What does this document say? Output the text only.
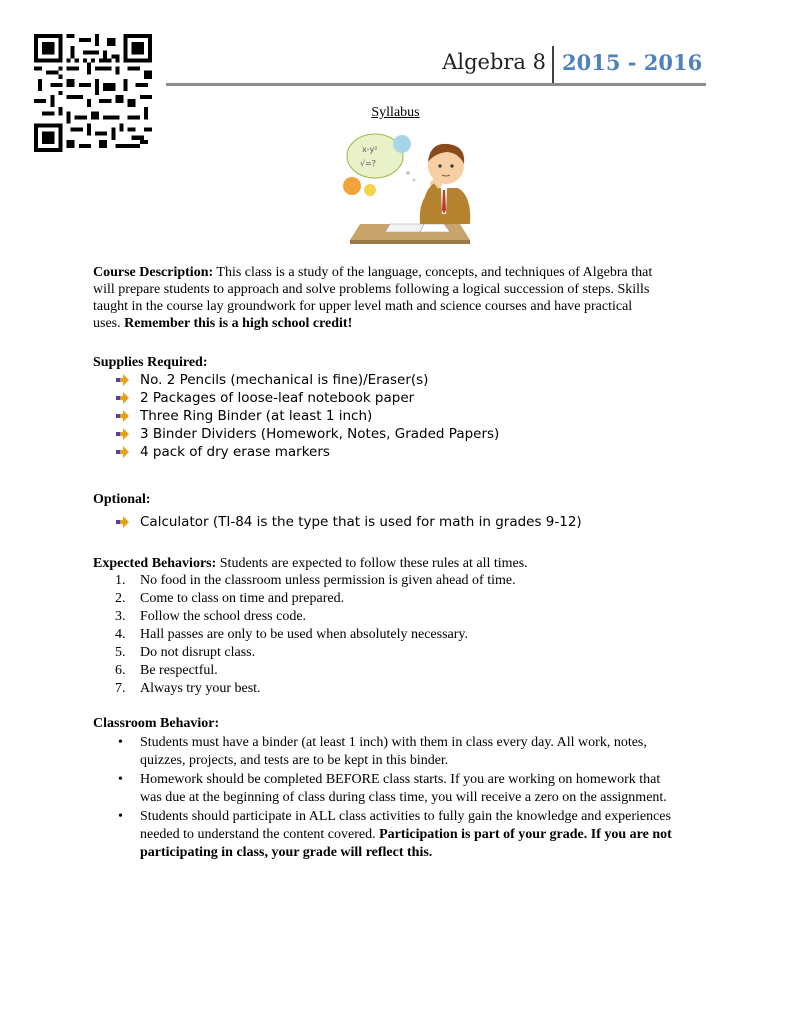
Algebra 8 2015 - 2016
Syllabus
x-y²
√=?
Course Description: This class is a study of the language, concepts, and techniques of Algebra that will prepare students to approach and solve problems following a logical succession of steps. Skills taught in the course lay groundwork for upper level math and science courses and have practical uses. Remember this is a high school credit!
Supplies Required:
No. 2 Pencils (mechanical is fine)/Eraser(s)
2 Packages of loose-leaf notebook paper
Three Ring Binder (at least 1 inch)
3 Binder Dividers (Homework, Notes, Graded Papers)
4 pack of dry erase markers
Optional:
Calculator (TI-84 is the type that is used for math in grades 9-12)
Expected Behaviors: Students are expected to follow these rules at all times.
1.	No food in the classroom unless permission is given ahead of time.
2.	Come to class on time and prepared.
3.	Follow the school dress code.
4.	Hall passes are only to be used when absolutely necessary.
5.	Do not disrupt class.
6.	Be respectful.
7.	Always try your best.
Classroom Behavior:
• Students must have a binder (at least 1 inch) with them in class every day. All work, notes, quizzes, projects, and tests are to be kept in this binder.
• Homework should be completed BEFORE class starts. If you are working on homework that was due at the beginning of class during class time, you will receive a zero on the assignment.
• Students should participate in ALL class activities to fully gain the knowledge and experiences needed to understand the content covered. Participation is part of your grade. If you are not participating in class, your grade will reflect this.
